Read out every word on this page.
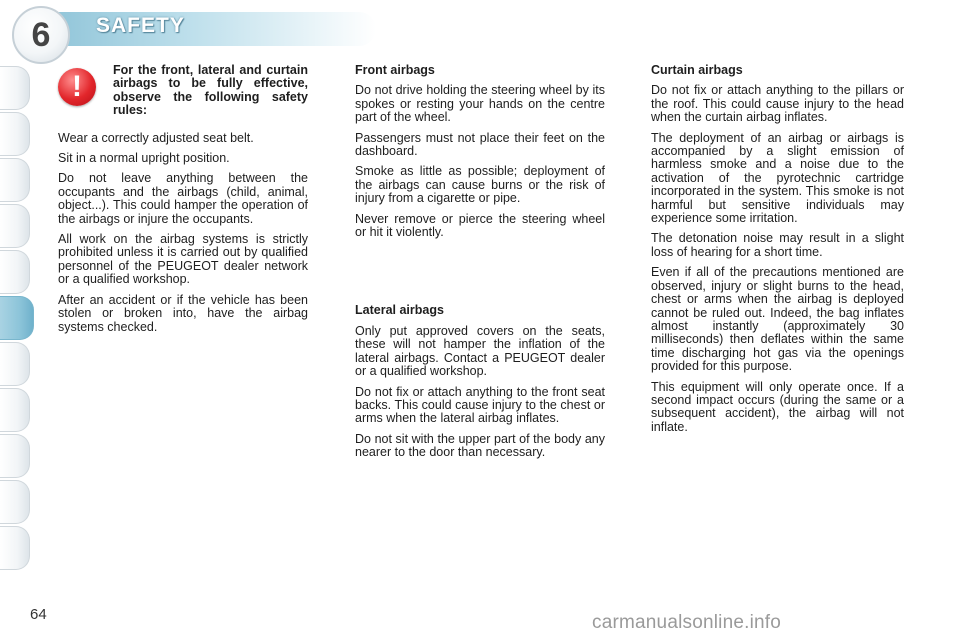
6	SAFETY
!	For the front, lateral and curtain airbags to be fully effective, observe the following safety rules:

Wear a correctly adjusted seat belt.

Sit in a normal upright position.

Do not leave anything between the occupants and the airbags (child, animal, object...). This could hamper the operation of the airbags or injure the occupants.

All work on the airbag systems is strictly prohibited unless it is carried out by qualified personnel of the PEUGEOT dealer network or a qualified workshop.

After an accident or if the vehicle has been stolen or broken into, have the airbag systems checked.

Front airbags

Do not drive holding the steering wheel by its spokes or resting your hands on the centre part of the wheel.

Passengers must not place their feet on the dashboard.

Smoke as little as possible; deployment of the airbags can cause burns or the risk of injury from a cigarette or pipe.

Never remove or pierce the steering wheel or hit it violently.

Lateral airbags

Only put approved covers on the seats, these will not hamper the inflation of the lateral airbags. Contact a PEUGEOT dealer or a qualified workshop.

Do not fix or attach anything to the front seat backs. This could cause injury to the chest or arms when the lateral airbag inflates.

Do not sit with the upper part of the body any nearer to the door than necessary.

Curtain airbags

Do not fix or attach anything to the pillars or the roof. This could cause injury to the head when the curtain airbag inflates.

The deployment of an airbag or airbags is accompanied by a slight emission of harmless smoke and a noise due to the activation of the pyrotechnic cartridge incorporated in the system. This smoke is not harmful but sensitive individuals may experience some irritation.

The detonation noise may result in a slight loss of hearing for a short time.

Even if all of the precautions mentioned are observed, injury or slight burns to the head, chest or arms when the airbag is deployed cannot be ruled out. Indeed, the bag inflates almost instantly (approximately 30 milliseconds) then deflates within the same time discharging hot gas via the openings provided for this purpose.

This equipment will only operate once. If a second impact occurs (during the same or a subsequent accident), the airbag will not inflate.

64	carmanualsonline.info
